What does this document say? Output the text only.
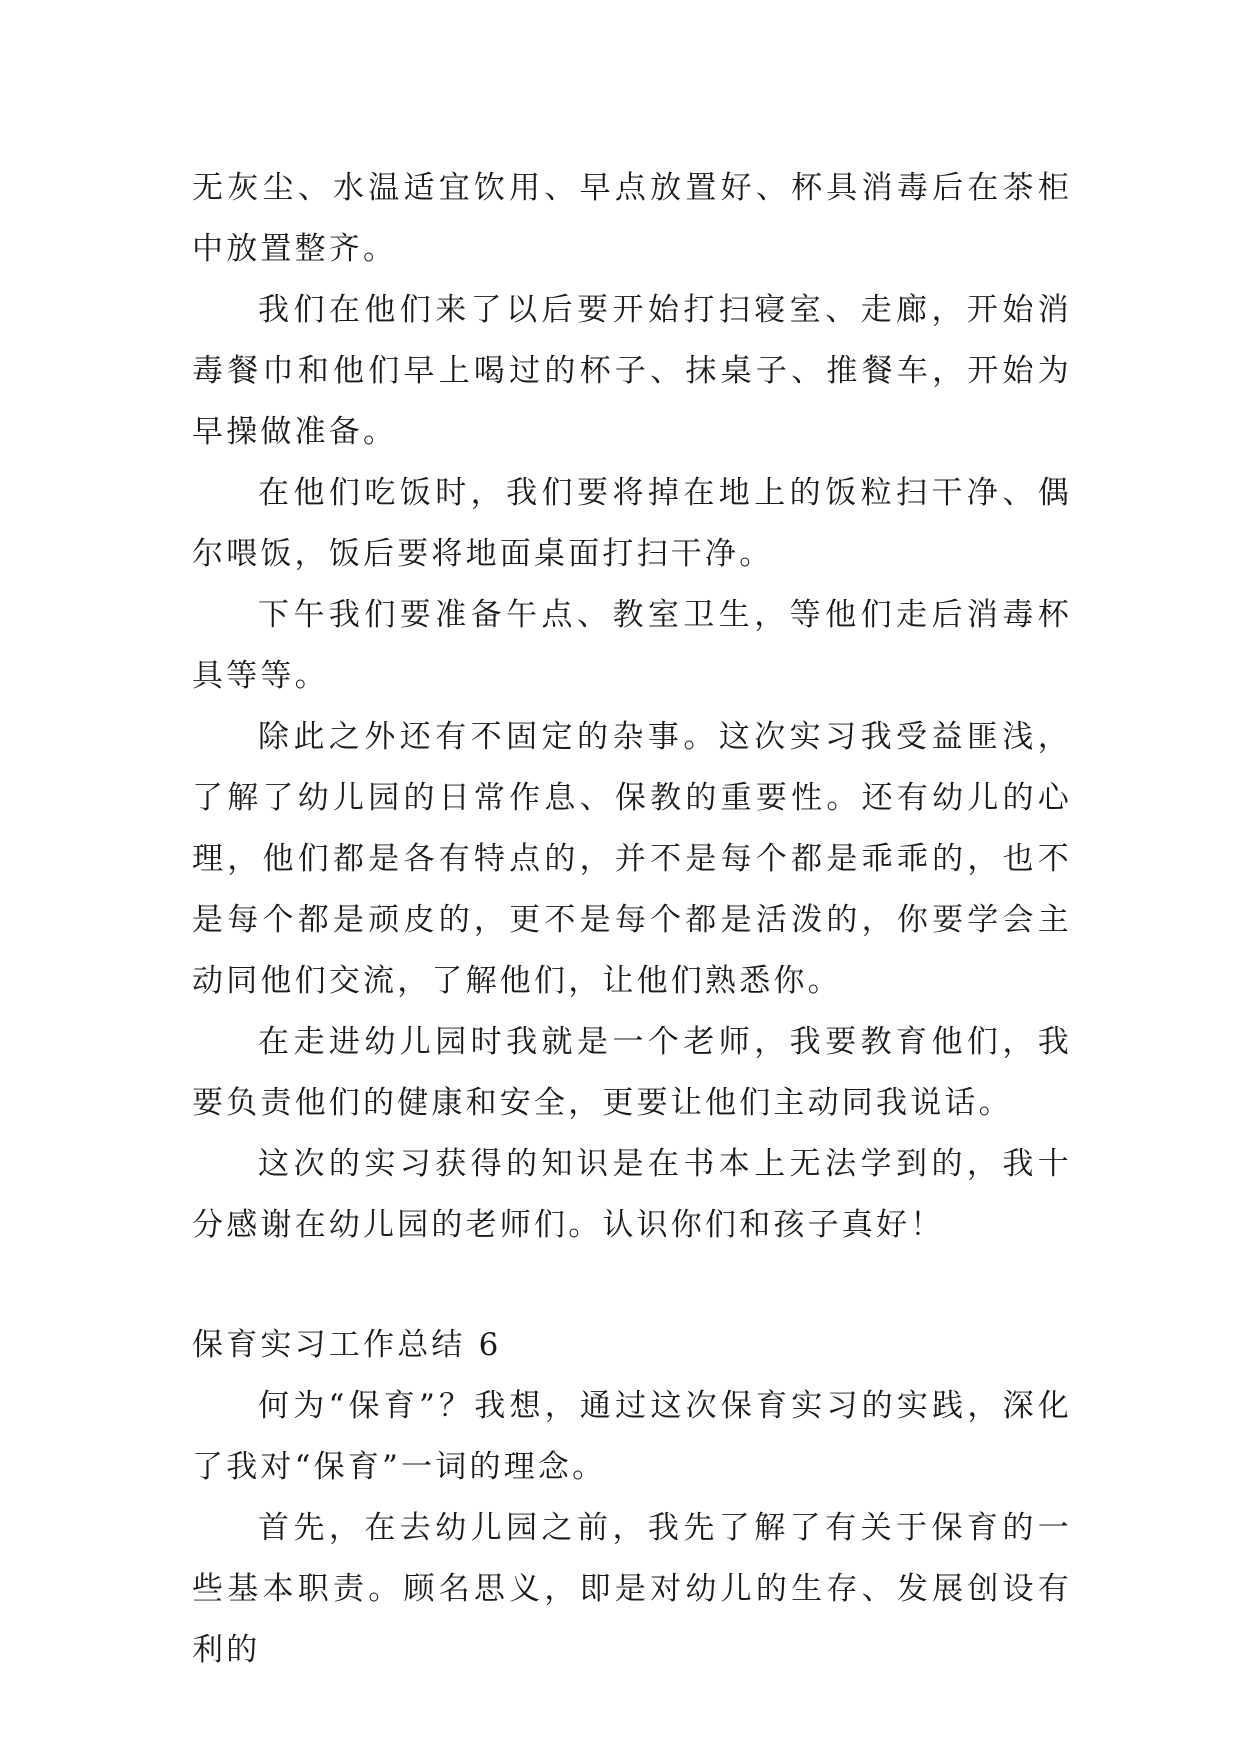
无灰尘、水温适宜饮用、早点放置好、杯具消毒后在茶柜中放置整齐。

我们在他们来了以后要开始打扫寝室、走廊，开始消毒餐巾和他们早上喝过的杯子、抹桌子、推餐车，开始为早操做准备。

在他们吃饭时，我们要将掉在地上的饭粒扫干净、偶尔喂饭，饭后要将地面桌面打扫干净。

下午我们要准备午点、教室卫生，等他们走后消毒杯具等等。

除此之外还有不固定的杂事。这次实习我受益匪浅，了解了幼儿园的日常作息、保教的重要性。还有幼儿的心理，他们都是各有特点的，并不是每个都是乖乖的，也不是每个都是顽皮的，更不是每个都是活泼的，你要学会主动同他们交流，了解他们，让他们熟悉你。

在走进幼儿园时我就是一个老师，我要教育他们，我要负责他们的健康和安全，更要让他们主动同我说话。

这次的实习获得的知识是在书本上无法学到的，我十分感谢在幼儿园的老师们。认识你们和孩子真好！

保育实习工作总结 6

何为“保育”？我想，通过这次保育实习的实践，深化了我对“保育”一词的理念。

首先，在去幼儿园之前，我先了解了有关于保育的一些基本职责。顾名思义，即是对幼儿的生存、发展创设有利的
